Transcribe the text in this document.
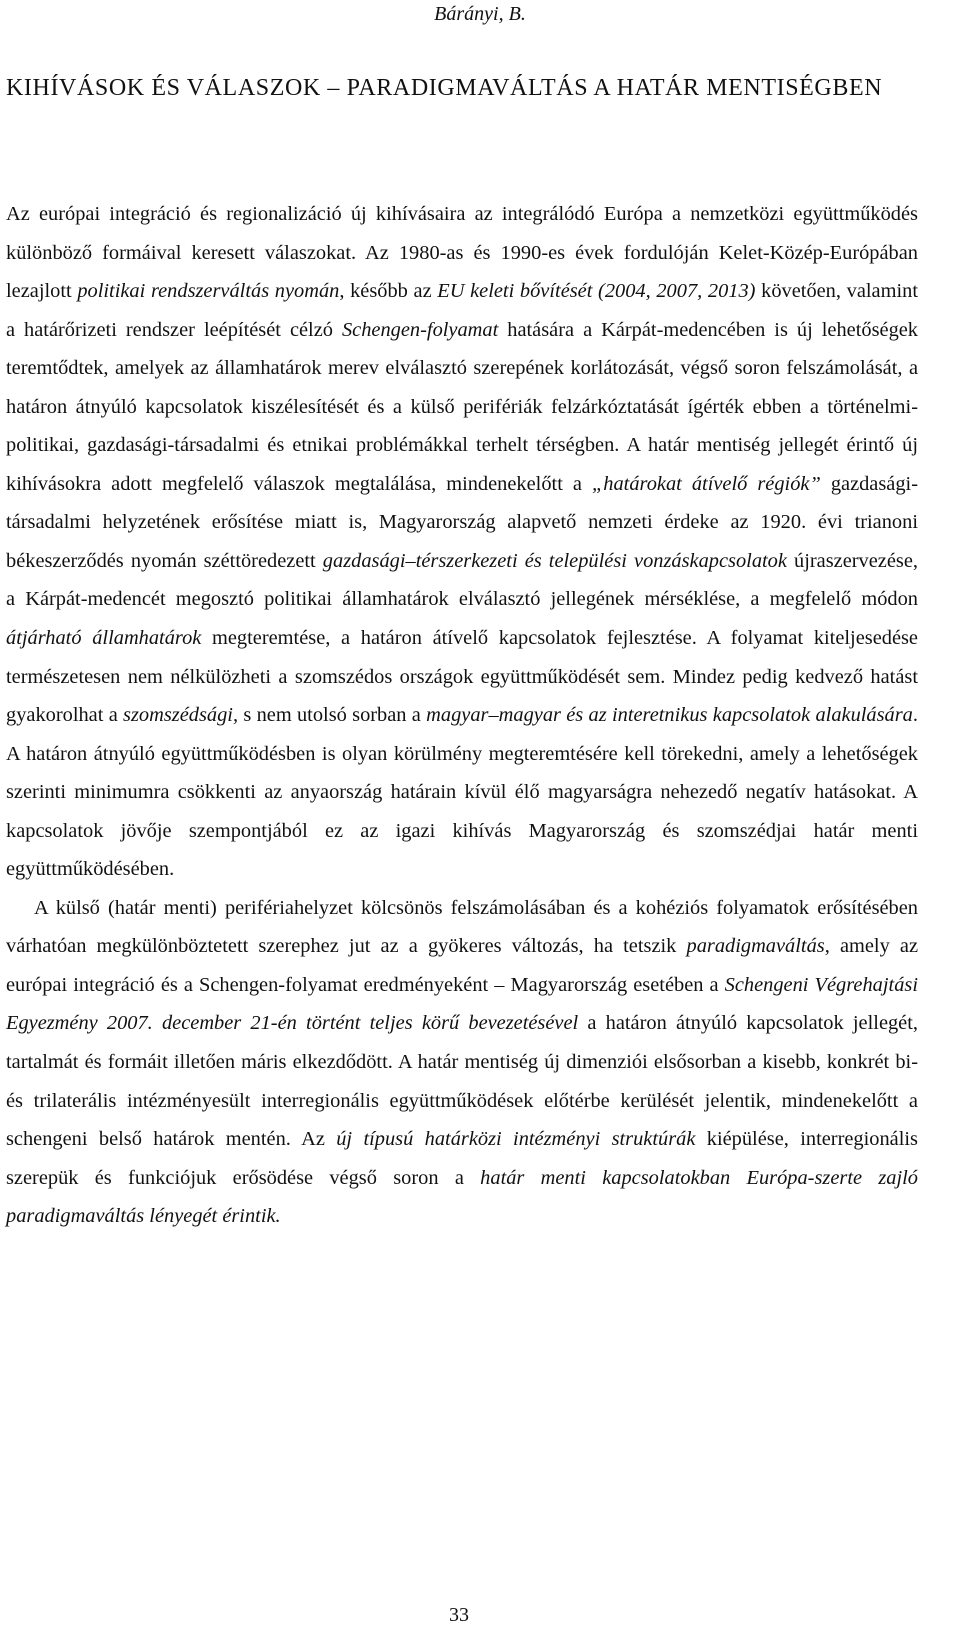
Bárányi, B.
KIHÍVÁSOK ÉS VÁLASZOK – PARADIGMAVÁLTÁS A HATÁR MENTISÉGBEN

Az európai integráció és regionalizáció új kihívásaira az integrálódó Európa a nemzetközi együttműködés különböző formáival keresett válaszokat. Az 1980-as és 1990-es évek fordulóján Kelet-Közép-Európában lezajlott politikai rendszerváltás nyomán, később az EU keleti bővítését (2004, 2007, 2013) követően, valamint a határőrizeti rendszer leépítését célzó Schengen-folyamat hatására a Kárpát-medencében is új lehetőségek teremtődtek, amelyek az államhatárok merev elválasztó szerepének korlátozását, végső soron felszámolását, a határon átnyúló kapcsolatok kiszélesítését és a külső perifériák felzárkóztatását ígérték ebben a történelmi-politikai, gazdasági-társadalmi és etnikai problémákkal terhelt térségben. A határ mentiség jellegét érintő új kihívásokra adott megfelelő válaszok megtalálása, mindenekelőtt a „határokat átívelő régiók” gazdasági-társadalmi helyzetének erősítése miatt is, Magyarország alapvető nemzeti érdeke az 1920. évi trianoni békeszerződés nyomán széttöredezett gazdasági–térszerkezeti és települési vonzáskapcsolatok újraszervezése, a Kárpát-medencét megosztó politikai államhatárok elválasztó jellegének mérséklése, a megfelelő módon átjárható államhatárok megteremtése, a határon átívelő kapcsolatok fejlesztése. A folyamat kiteljesedése természetesen nem nélkülözheti a szomszédos országok együttműködését sem. Mindez pedig kedvező hatást gyakorolhat a szomszédsági, s nem utolsó sorban a magyar–magyar és az interetnikus kapcsolatok alakulására. A határon átnyúló együttműködésben is olyan körülmény megteremtésére kell törekedni, amely a lehetőségek szerinti minimumra csökkenti az anyaország határain kívül élő magyarságra nehezedő negatív hatásokat. A kapcsolatok jövője szempontjából ez az igazi kihívás Magyarország és szomszédjai határ menti együttműködésében.

A külső (határ menti) perifériahelyzet kölcsönös felszámolásában és a kohéziós folyamatok erősítésében várhatóan megkülönböztetett szerephez jut az a gyökeres változás, ha tetszik paradigmaváltás, amely az európai integráció és a Schengen-folyamat eredményeként – Magyarország esetében a Schengeni Végrehajtási Egyezmény 2007. december 21-én történt teljes körű bevezetésével a határon átnyúló kapcsolatok jellegét, tartalmát és formáit illetően máris elkezdődött. A határ mentiség új dimenziói elsősorban a kisebb, konkrét bi- és trilaterális intézményesült interregionális együttműködések előtérbe kerülését jelentik, mindenekelőtt a schengeni belső határok mentén. Az új típusú határközi intézményi struktúrák kiépülése, interregionális szerepük és funkciójuk erősödése végső soron a határ menti kapcsolatokban Európa-szerte zajló paradigmaváltás lényegét érintik.

33
